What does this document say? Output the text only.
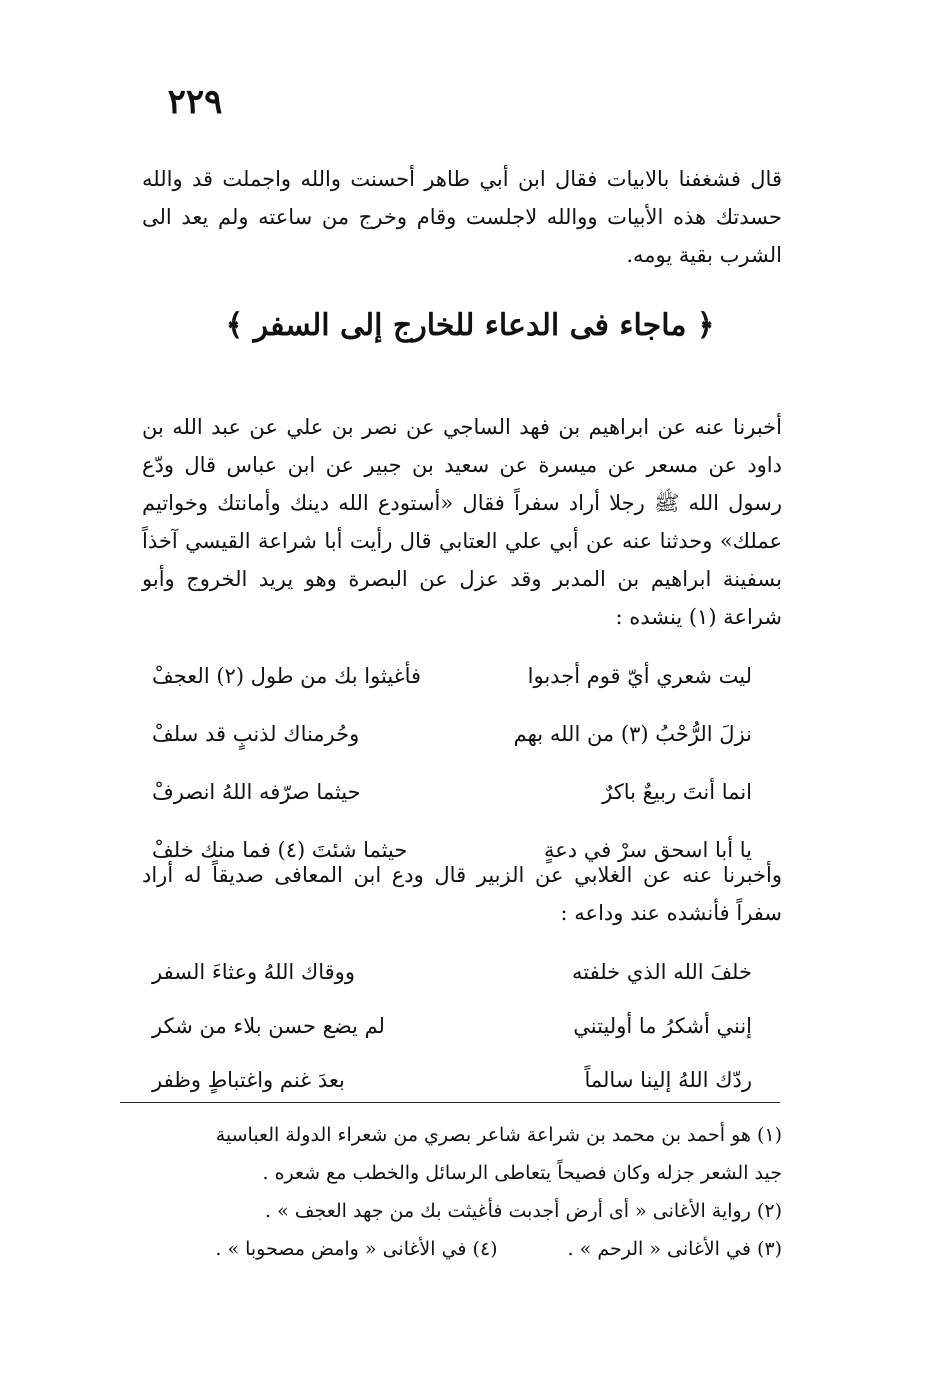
٢٢٩

قال فشغفنا بالابيات فقال ابن أبي طاهر أحسنت والله واجملت قد والله حسدتك هذه الأبيات ووالله لاجلست وقام وخرج من ساعته ولم يعد الى الشرب بقية يومه.

﴿ ماجاء فى الدعاء للخارج إلى السفر ﴾

أخبرنا عنه عن ابراهيم بن فهد الساجي عن نصر بن علي عن عبد الله بن داود عن مسعر عن ميسرة عن سعيد بن جبير عن ابن عباس قال ودّع رسول الله ﷺ رجلا أراد سفراً فقال «أستودع الله دينك وأمانتك وخواتيم عملك» وحدثنا عنه عن أبي علي العتابي قال رأيت أبا شراعة القيسي آخذاً بسفينة ابراهيم بن المدبر وقد عزل عن البصرة وهو يريد الخروج وأبو شراعة (١) ينشده :

ليت شعري أيّ قوم أجدبوا
فأغيثوا بك من طول (٢) العجفْ
نزلَ الرُّحْبُ (٣) من الله بهم
وحُرمناك لذنبٍ قد سلفْ
انما أنتَ ربيعٌ باكرٌ
حيثما صرّفه اللهُ انصرفْ
يا أبا اسحق سرْ في دعةٍ
حيثما شئتَ (٤) فما منك خلفْ

وأخبرنا عنه عن الغلابي عن الزبير قال ودع ابن المعافى صديقاً له أراد سفراً فأنشده عند وداعه :

خلفَ الله الذي خلفته
ووقاك اللهُ وعثاءَ السفر
إنني أشكرُ ما أوليتني
لم يضع حسن بلاء من شكر
ردّك اللهُ إلينا سالماً
بعدَ غنم واغتباطٍ وظفر

(١) هو أحمد بن محمد بن شراعة شاعر بصري من شعراء الدولة العباسية

جيد الشعر جزله وكان فصيحاً يتعاطى الرسائل والخطب مع شعره .

(٢) رواية الأغانى « أى أرض أجدبت فأغيثت بك من جهد العجف » .

(٣) في الأغانى « الرحم » .
(٤) في الأغانى « وامض مصحوبا » .
